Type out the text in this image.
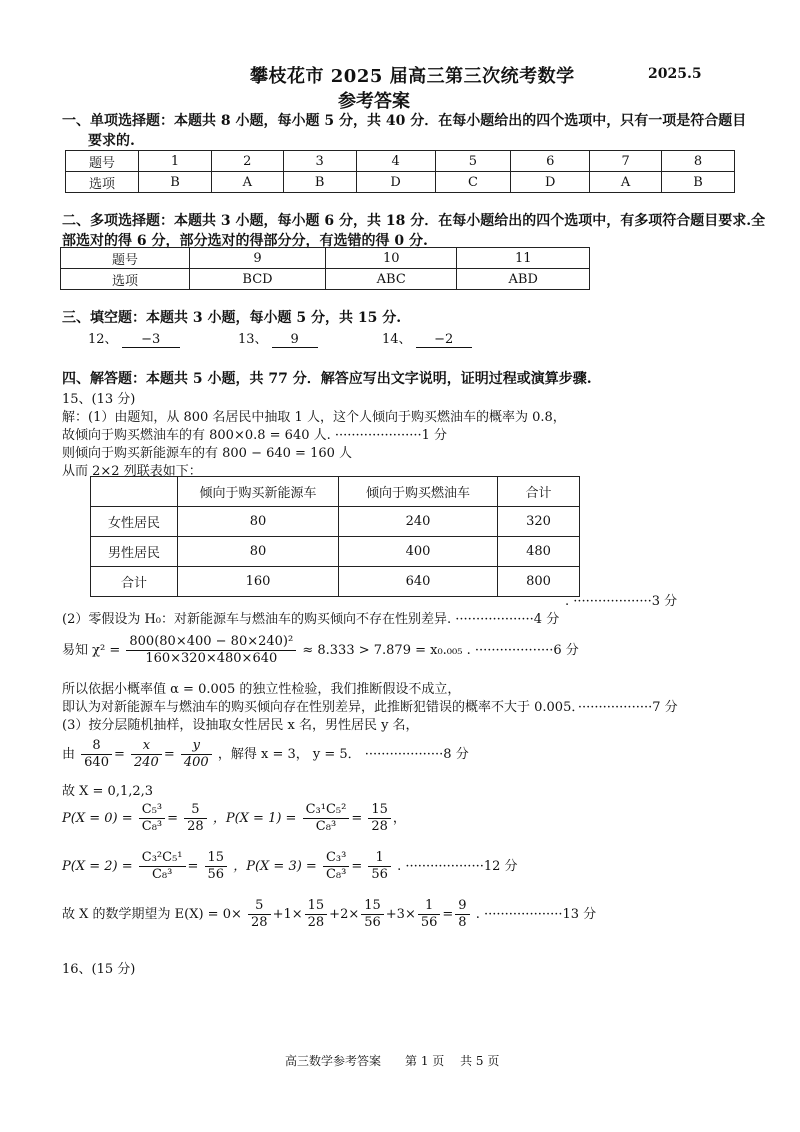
攀枝花市 2025 届高三第三次统考数学	2025.5
参考答案
一、单项选择题：本题共 8 小题，每小题 5 分，共 40 分．在每小题给出的四个选项中，只有一项是符合题目
要求的.
题号	1	2	3	4	5	6	7	8
选项	B	A	B	D	C	D	A	B
二、多项选择题：本题共 3 小题，每小题 6 分，共 18 分．在每小题给出的四个选项中，有多项符合题目要求.全
部选对的得 6 分，部分选对的得部分分，有选错的得 0 分.
题号	9	10	11
选项	BCD	ABC	ABD
三、填空题：本题共 3 小题，每小题 5 分，共 15 分.
12、 −3	13、 9	14、 −2
四、解答题：本题共 5 小题，共 77 分．解答应写出文字说明，证明过程或演算步骤.
15、(13 分)
解：(1）由题知，从 800 名居民中抽取 1 人，这个人倾向于购买燃油车的概率为 0.8，
故倾向于购买燃油车的有 800×0.8 = 640 人. ·····················1 分
则倾向于购买新能源车的有 800 − 640 = 160 人
从而 2×2 列联表如下：
	倾向于购买新能源车	倾向于购买燃油车	合计
女性居民	80	240	320
男性居民	80	400	480
合计	160	640	800
. ···················3 分
(2）零假设为 H₀：对新能源车与燃油车的购买倾向不存在性别差异. ···················4 分
易知 $\chi^2 = \frac{\text{800(80×400 − 80×240)²}}{160\times 320\times 480\times 640} \approx 8.333 > 7.879 = x_0._{005}$ . ···················6 分
所以依据小概率值 α = 0.005 的独立性检验，我们推断假设不成立，
即认为对新能源车与燃油车的购买倾向存在性别差异，此推断犯错误的概率不大于 0.005．··················7 分
(3）按分层随机抽样，设抽取女性居民 x 名，男性居民 y 名，
由 $\frac{8}{640} = \frac{x}{240} = \frac{y}{400}$ ，解得 x = 3， y = 5． ···················8 分
故 X = 0,1,2,3
$P(X = 0) = \frac{\text{C₅³}}{\text{C₈³}} = \frac{5}{28}$ ，$P(X = 1) = \frac{\text{C₃¹C₅²}}{\text{C₈³}} = \frac{15}{28}$ ，
$P(X = 2) = \frac{\text{C₃²C₅¹}}{\text{C₈³}} = \frac{15}{56}$ ，$P(X = 3) = \frac{\text{C₃³}}{\text{C₈³}} = \frac{1}{56}$ . ···················12 分
故 X 的数学期望为 $E(X) = 0\times \frac{5}{28} +1\times \frac{15}{28} +2\times \frac{15}{56} +3\times \frac{1}{56} = \frac{9}{8}$ . ···················13 分
16、(15 分)
高三数学参考答案　　第 1 页　 共 5 页
